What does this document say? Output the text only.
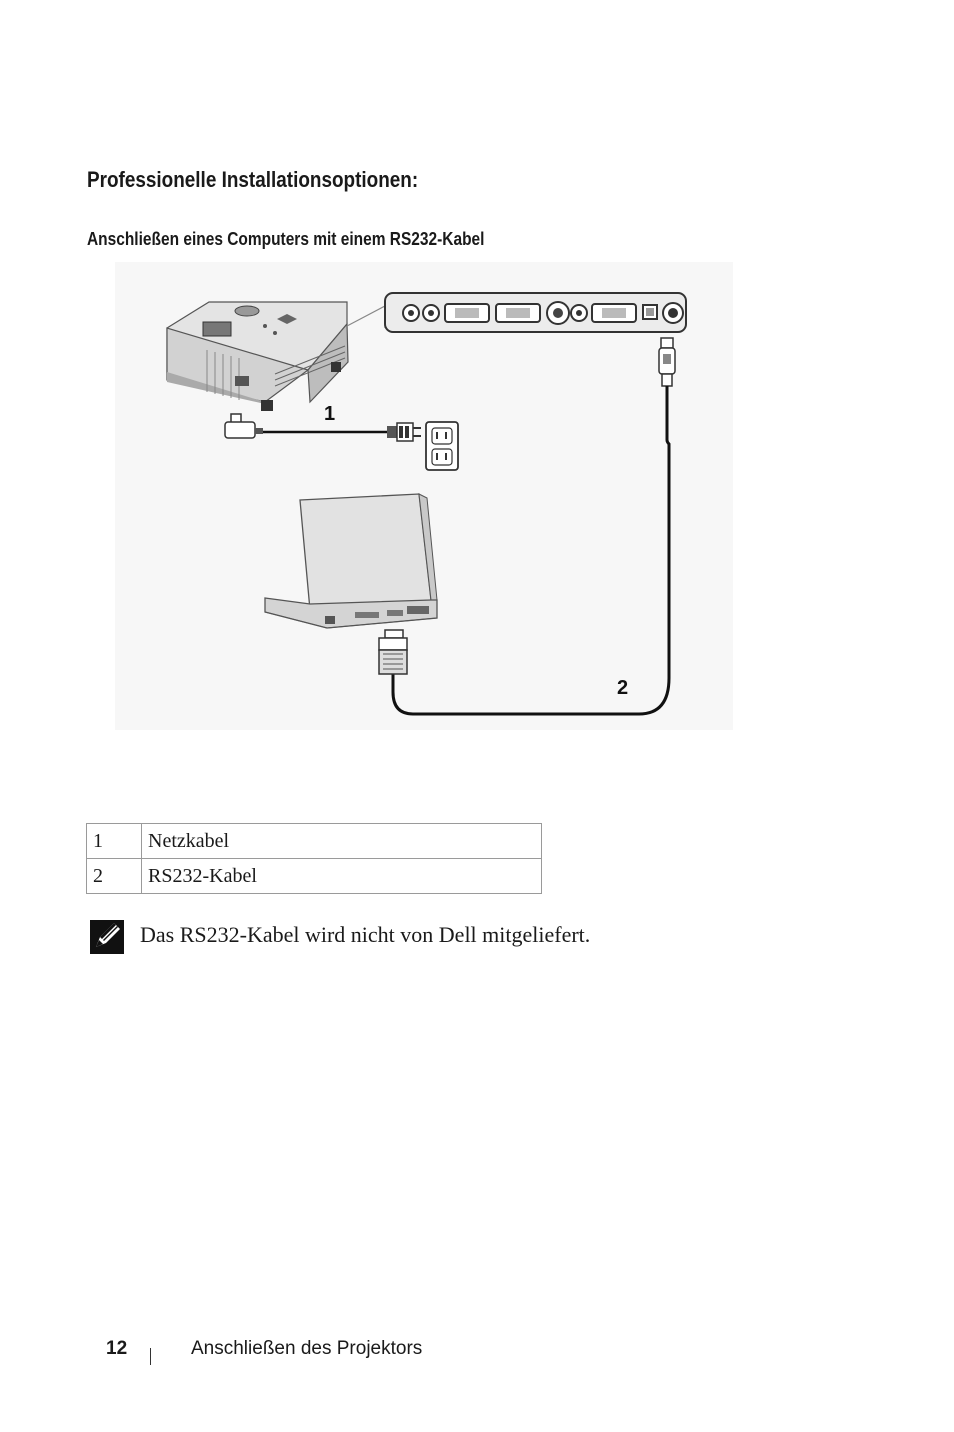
Professionelle Installationsoptionen:
Anschließen eines Computers mit einem RS232-Kabel
1
2
1	Netzkabel
2	RS232-Kabel
Das RS232-Kabel wird nicht von Dell mitgeliefert.
12	Anschließen des Projektors
